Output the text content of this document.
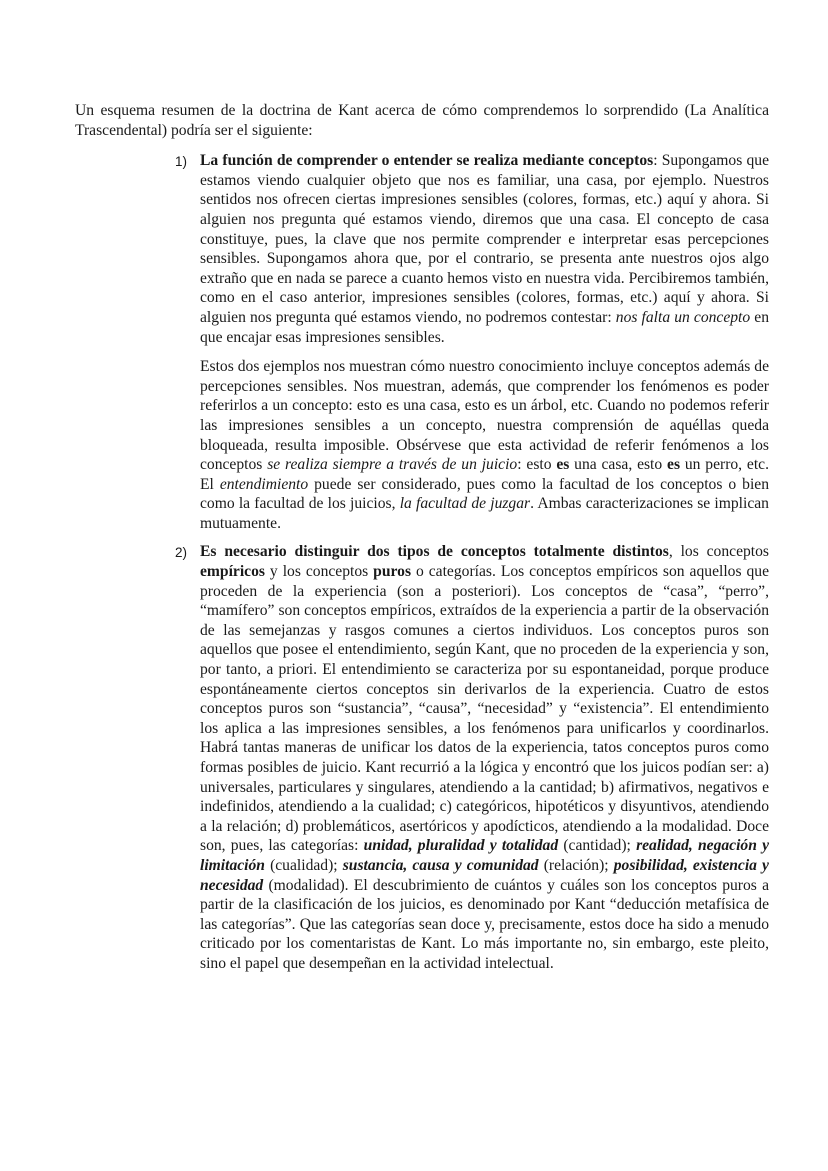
Un esquema resumen de la doctrina de Kant acerca de cómo comprendemos lo sorprendido (La Analítica Trascendental) podría ser el siguiente:

1) La función de comprender o entender se realiza mediante conceptos: Supongamos que estamos viendo cualquier objeto que nos es familiar, una casa, por ejemplo. Nuestros sentidos nos ofrecen ciertas impresiones sensibles (colores, formas, etc.) aquí y ahora. Si alguien nos pregunta qué estamos viendo, diremos que una casa. El concepto de casa constituye, pues, la clave que nos permite comprender e interpretar esas percepciones sensibles. Supongamos ahora que, por el contrario, se presenta ante nuestros ojos algo extraño que en nada se parece a cuanto hemos visto en nuestra vida. Percibiremos también, como en el caso anterior, impresiones sensibles (colores, formas, etc.) aquí y ahora. Si alguien nos pregunta qué estamos viendo, no podremos contestar: nos falta un concepto en que encajar esas impresiones sensibles.

Estos dos ejemplos nos muestran cómo nuestro conocimiento incluye conceptos además de percepciones sensibles. Nos muestran, además, que comprender los fenómenos es poder referirlos a un concepto: esto es una casa, esto es un árbol, etc. Cuando no podemos referir las impresiones sensibles a un concepto, nuestra comprensión de aquéllas queda bloqueada, resulta imposible. Obsérvese que esta actividad de referir fenómenos a los conceptos se realiza siempre a través de un juicio: esto es una casa, esto es un perro, etc. El entendimiento puede ser considerado, pues como la facultad de los conceptos o bien como la facultad de los juicios, la facultad de juzgar. Ambas caracterizaciones se implican mutuamente.

2) Es necesario distinguir dos tipos de conceptos totalmente distintos, los conceptos empíricos y los conceptos puros o categorías. Los conceptos empíricos son aquellos que proceden de la experiencia (son a posteriori). Los conceptos de “casa”, “perro”, “mamífero” son conceptos empíricos, extraídos de la experiencia a partir de la observación de las semejanzas y rasgos comunes a ciertos individuos. Los conceptos puros son aquellos que posee el entendimiento, según Kant, que no proceden de la experiencia y son, por tanto, a priori. El entendimiento se caracteriza por su espontaneidad, porque produce espontáneamente ciertos conceptos sin derivarlos de la experiencia. Cuatro de estos conceptos puros son “sustancia”, “causa”, “necesidad” y “existencia”. El entendimiento los aplica a las impresiones sensibles, a los fenómenos para unificarlos y coordinarlos. Habrá tantas maneras de unificar los datos de la experiencia, tatos conceptos puros como formas posibles de juicio. Kant recurrió a la lógica y encontró que los juicos podían ser: a) universales, particulares y singulares, atendiendo a la cantidad; b) afirmativos, negativos e indefinidos, atendiendo a la cualidad; c) categóricos, hipotéticos y disyuntivos, atendiendo a la relación; d) problemáticos, asertóricos y apodícticos, atendiendo a la modalidad. Doce son, pues, las categorías: unidad, pluralidad y totalidad (cantidad); realidad, negación y limitación (cualidad); sustancia, causa y comunidad (relación); posibilidad, existencia y necesidad (modalidad). El descubrimiento de cuántos y cuáles son los conceptos puros a partir de la clasificación de los juicios, es denominado por Kant “deducción metafísica de las categorías”. Que las categorías sean doce y, precisamente, estos doce ha sido a menudo criticado por los comentaristas de Kant. Lo más importante no, sin embargo, este pleito, sino el papel que desempeñan en la actividad intelectual.
